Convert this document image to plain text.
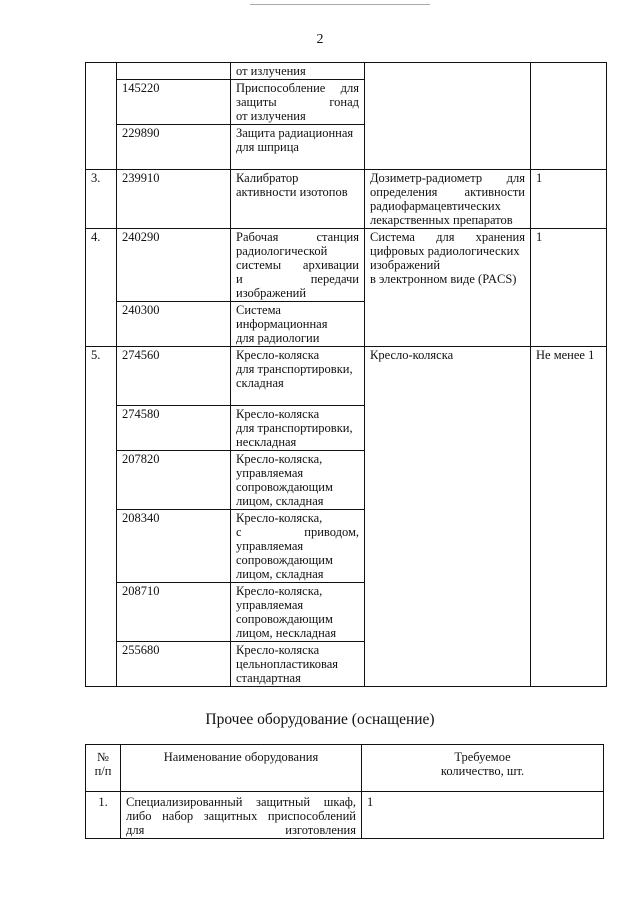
2

		от излучения		

	145220	Приспособление для
защиты гонад
от излучения		

	229890	Защита радиационная
для шприца		

3.	239910	Калибратор
активности изотопов	Дозиметр-радиометр для
определения активности
радиофармацевтических
лекарственных препаратов	1
4.	240290	Рабочая станция
радиологической
системы архивации
и передачи
изображений	Система для хранения
цифровых радиологических
изображений
в электронном виде (PACS)	1
	240300	Система
информационная
для радиологии		

5.	274560	Кресло-коляска
для транспортировки,
складная	Кресло-коляска	Не менее 1
	274580	Кресло-коляска
для транспортировки,
нескладная		

	207820	Кресло-коляска,
управляемая
сопровождающим
лицом, складная		

	208340	Кресло-коляска,
с приводом,
управляемая
сопровождающим
лицом, складная		

	208710	Кресло-коляска,
управляемая
сопровождающим
лицом, нескладная		

	255680	Кресло-коляска
цельнопластиковая
стандартная		
Прочее оборудование (оснащение)
№
п/п	Наименование оборудования	Требуемое
количество, шт.

1.	Специализированный защитный шкаф,
либо набор защитных приспособлений
для изготовления	1
